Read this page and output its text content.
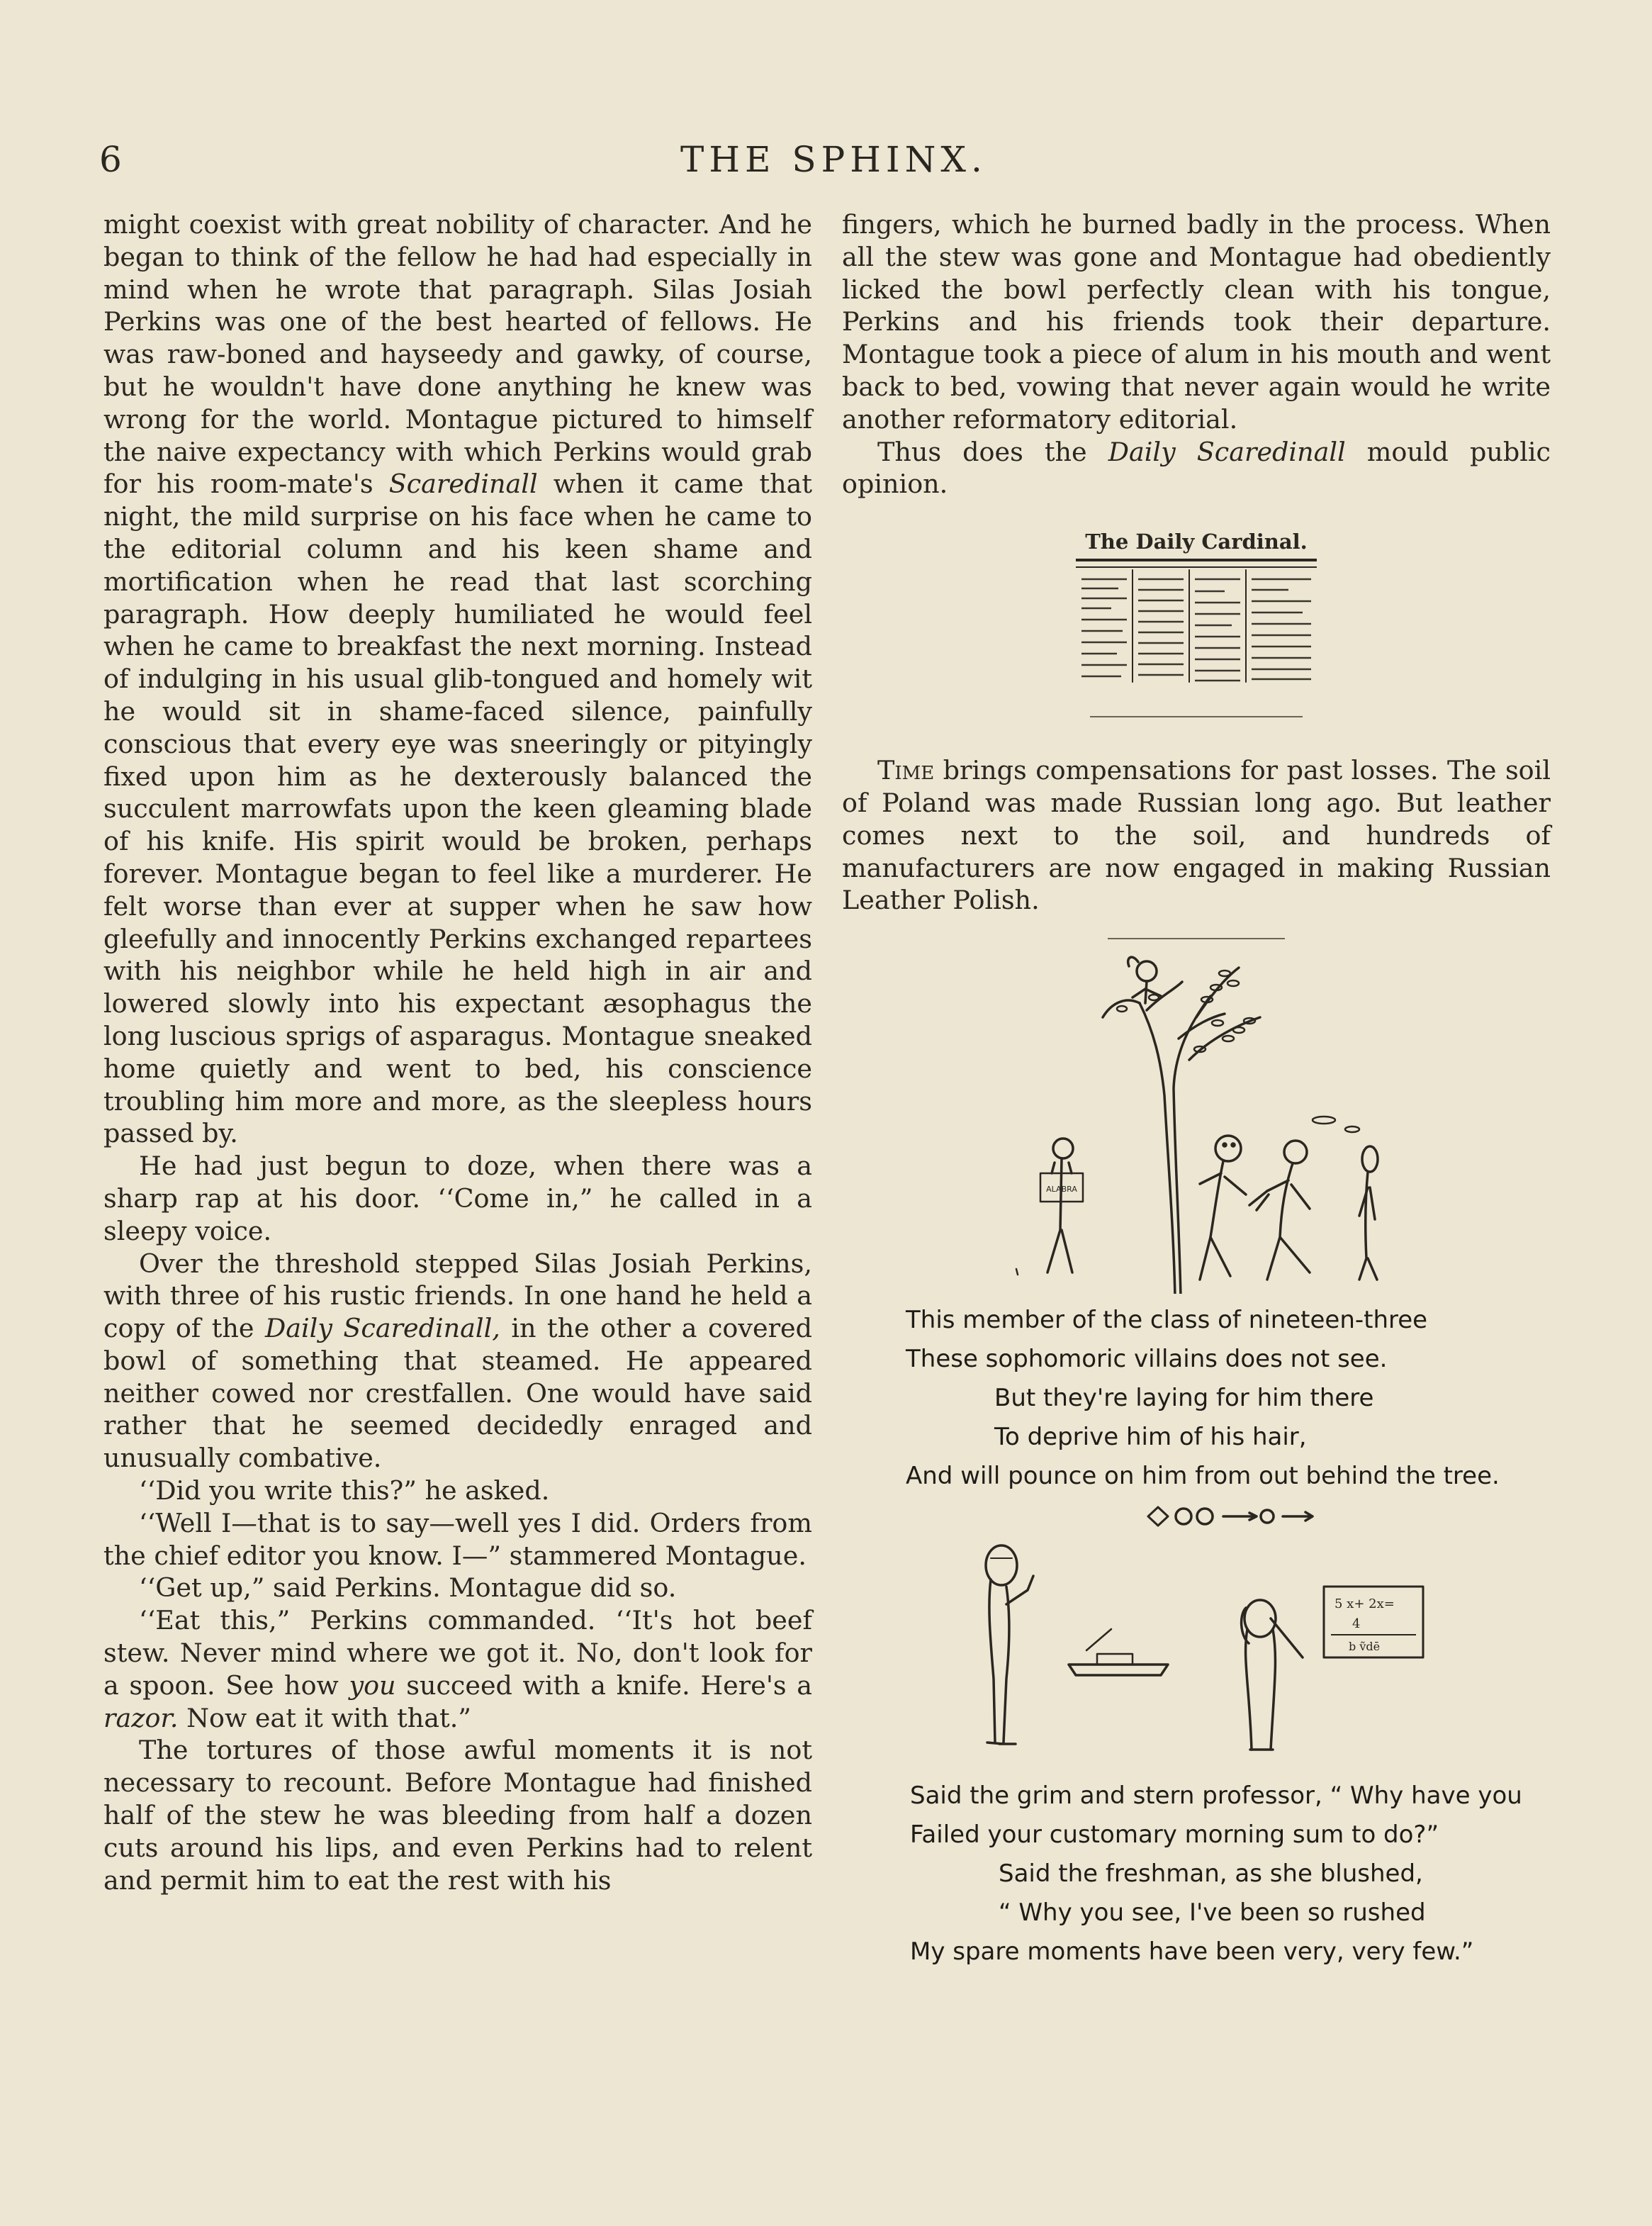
6	THE SPHINX.

might coexist with great nobility of character. And he began to think of the fellow he had had especially in mind when he wrote that paragraph. Silas Josiah Perkins was one of the best hearted of fellows. He was raw-boned and hayseedy and gawky, of course, but he wouldn't have done anything he knew was wrong for the world. Montague pictured to himself the naive expectancy with which Perkins would grab for his room-mate's Scaredinall when it came that night, the mild surprise on his face when he came to the editorial column and his keen shame and mortification when he read that last scorching paragraph. How deeply humiliated he would feel when he came to breakfast the next morning. Instead of indulging in his usual glib-tongued and homely wit he would sit in shame-faced silence, painfully conscious that every eye was sneeringly or pityingly fixed upon him as he dexterously balanced the succulent marrowfats upon the keen gleaming blade of his knife. His spirit would be broken, perhaps forever. Montague began to feel like a murderer. He felt worse than ever at supper when he saw how gleefully and innocently Perkins exchanged repartees with his neighbor while he held high in air and lowered slowly into his expectant æsophagus the long luscious sprigs of asparagus. Montague sneaked home quietly and went to bed, his conscience troubling him more and more, as the sleepless hours passed by.

He had just begun to doze, when there was a sharp rap at his door. ‘‘Come in,” he called in a sleepy voice.

Over the threshold stepped Silas Josiah Perkins, with three of his rustic friends. In one hand he held a copy of the Daily Scaredinall, in the other a covered bowl of something that steamed. He appeared neither cowed nor crestfallen. One would have said rather that he seemed decidedly enraged and unusually combative.

‘‘Did you write this?” he asked.

‘‘Well I—that is to say—well yes I did. Orders from the chief editor you know. I—” stammered Montague.

‘‘Get up,” said Perkins. Montague did so.

‘‘Eat this,” Perkins commanded. ‘‘It's hot beef stew. Never mind where we got it. No, don't look for a spoon. See how you succeed with a knife. Here's a razor. Now eat it with that.”

The tortures of those awful moments it is not necessary to recount. Before Montague had finished half of the stew he was bleeding from half a dozen cuts around his lips, and even Perkins had to relent and permit him to eat the rest with his

fingers, which he burned badly in the process. When all the stew was gone and Montague had obediently licked the bowl perfectly clean with his tongue, Perkins and his friends took their departure. Montague took a piece of alum in his mouth and went back to bed, vowing that never again would he write another reformatory editorial.

Thus does the Daily Scaredinall mould public opinion.

The Daily Cardinal.

Time brings compensations for past losses. The soil of Poland was made Russian long ago. But leather comes next to the soil, and hundreds of manufacturers are now engaged in making Russian Leather Polish.

ALABRA
This member of the class of nineteen-three
These sophomoric villains does not see.
But they're laying for him there
To deprive him of his hair,
And will pounce on him from out behind the tree.
5 x+ 2x=
4
b ṽdē
Said the grim and stern professor, “ Why have you
Failed your customary morning sum to do?”
Said the freshman, as she blushed,
“ Why you see, I've been so rushed
My spare moments have been very, very few.”
